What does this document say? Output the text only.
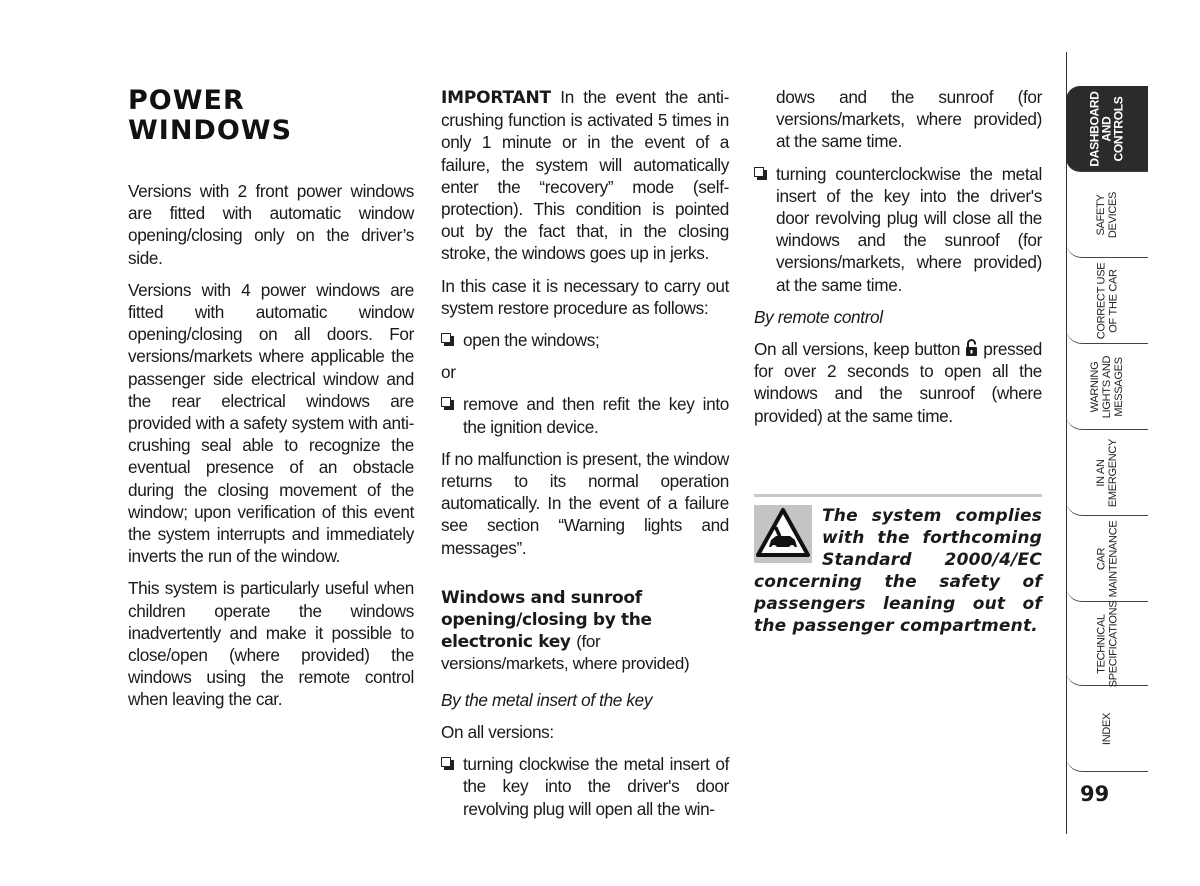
POWER WINDOWS

Versions with 2 front power windows are fitted with automatic window opening/closing only on the driver’s side.

Versions with 4 power windows are fitted with automatic window opening/closing on all doors. For versions/markets where applicable the passenger side electrical window and the rear electrical windows are provided with a safety system with anti-crushing seal able to recognize the eventual presence of an obstacle during the closing movement of the window; upon verification of this event the system interrupts and immediately inverts the run of the window.

This system is particularly useful when children operate the windows inadvertently and make it possible to close/open (where provided) the windows using the remote control when leaving the car.

IMPORTANT In the event the anti-crushing function is activated 5 times in only 1 minute or in the event of a failure, the system will automatically enter the “recovery” mode (self-protection). This condition is pointed out by the fact that, in the closing stroke, the windows goes up in jerks.

In this case it is necessary to carry out system restore procedure as follows:

open the windows;

or

remove and then refit the key into the ignition device.

If no malfunction is present, the window returns to its normal operation automatically. In the event of a failure see section “Warning lights and messages”.

Windows and sunroof opening/closing by the electronic key (for versions/markets, where provided)

By the metal insert of the key

On all versions:

turning clockwise the metal insert of the key into the driver's door revolving plug will open all the win-

dows and the sunroof (for versions/markets, where provided) at the same time.

turning counterclockwise the metal insert of the key into the driver's door revolving plug will close all the windows and the sunroof (for versions/markets, where provided) at the same time.

By remote control

On all versions, keep button pressed for over 2 seconds to open all the windows and the sunroof (where provided) at the same time.

The system complies with the forthcoming Standard 2000/4/EC concerning the safety of passengers leaning out of the passenger compartment.
DASHBOARD
AND
CONTROLS
SAFETY
DEVICES
CORRECT USE
OF THE CAR
WARNING
LIGHTS AND
MESSAGES
IN AN
EMERGENCY
CAR
MAINTENANCE
TECHNICAL
SPECIFICATIONS
INDEX
99
